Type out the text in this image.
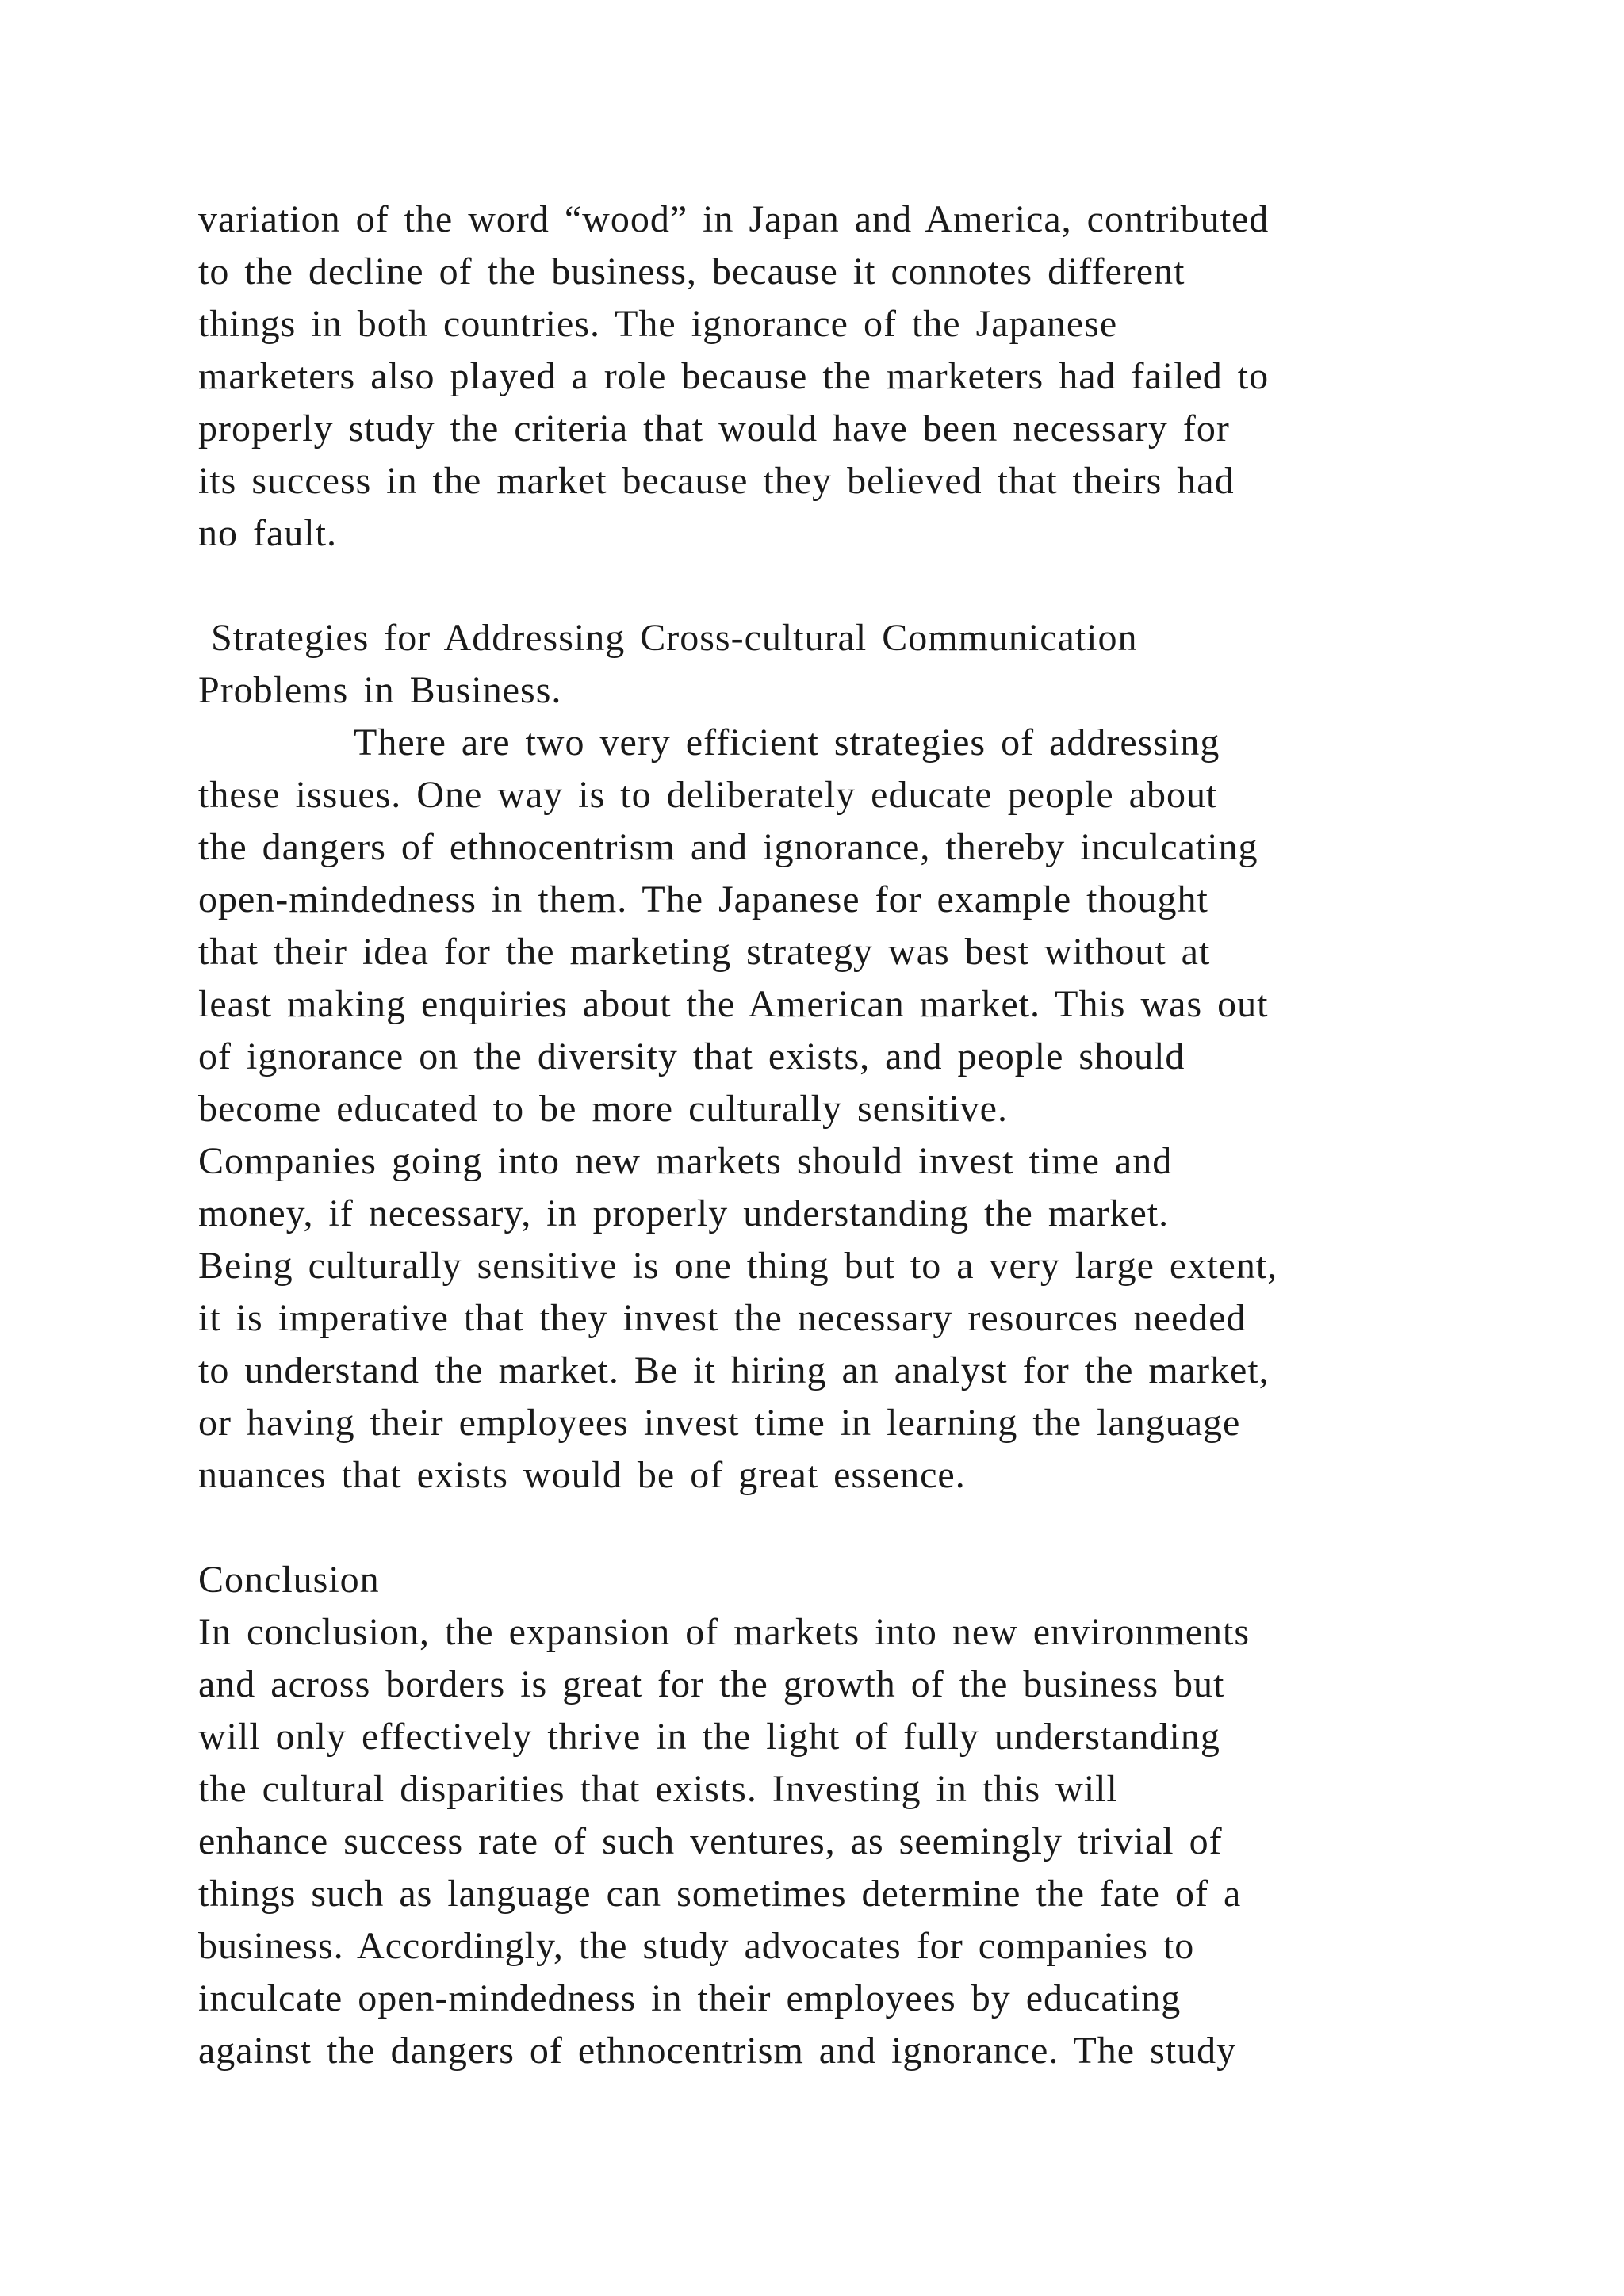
variation of the word “wood” in Japan and America, contributed
to the decline of the business, because it connotes different
things in both countries. The ignorance of the Japanese
marketers also played a role because the marketers had failed to
properly study the criteria that would have been necessary for
its success in the market because they believed that theirs had
no fault.
Strategies for Addressing Cross-cultural Communication
Problems in Business.
There are two very efficient strategies of addressing
these issues. One way is to deliberately educate people about
the dangers of ethnocentrism and ignorance, thereby inculcating
open-mindedness in them. The Japanese for example thought
that their idea for the marketing strategy was best without at
least making enquiries about the American market. This was out
of ignorance on the diversity that exists, and people should
become educated to be more culturally sensitive.
Companies going into new markets should invest time and
money, if necessary, in properly understanding the market.
Being culturally sensitive is one thing but to a very large extent,
it is imperative that they invest the necessary resources needed
to understand the market. Be it hiring an analyst for the market,
or having their employees invest time in learning the language
nuances that exists would be of great essence.
Conclusion
In conclusion, the expansion of markets into new environments
and across borders is great for the growth of the business but
will only effectively thrive in the light of fully understanding
the cultural disparities that exists. Investing in this will
enhance success rate of such ventures, as seemingly trivial of
things such as language can sometimes determine the fate of a
business. Accordingly, the study advocates for companies to
inculcate open-mindedness in their employees by educating
against the dangers of ethnocentrism and ignorance. The study
